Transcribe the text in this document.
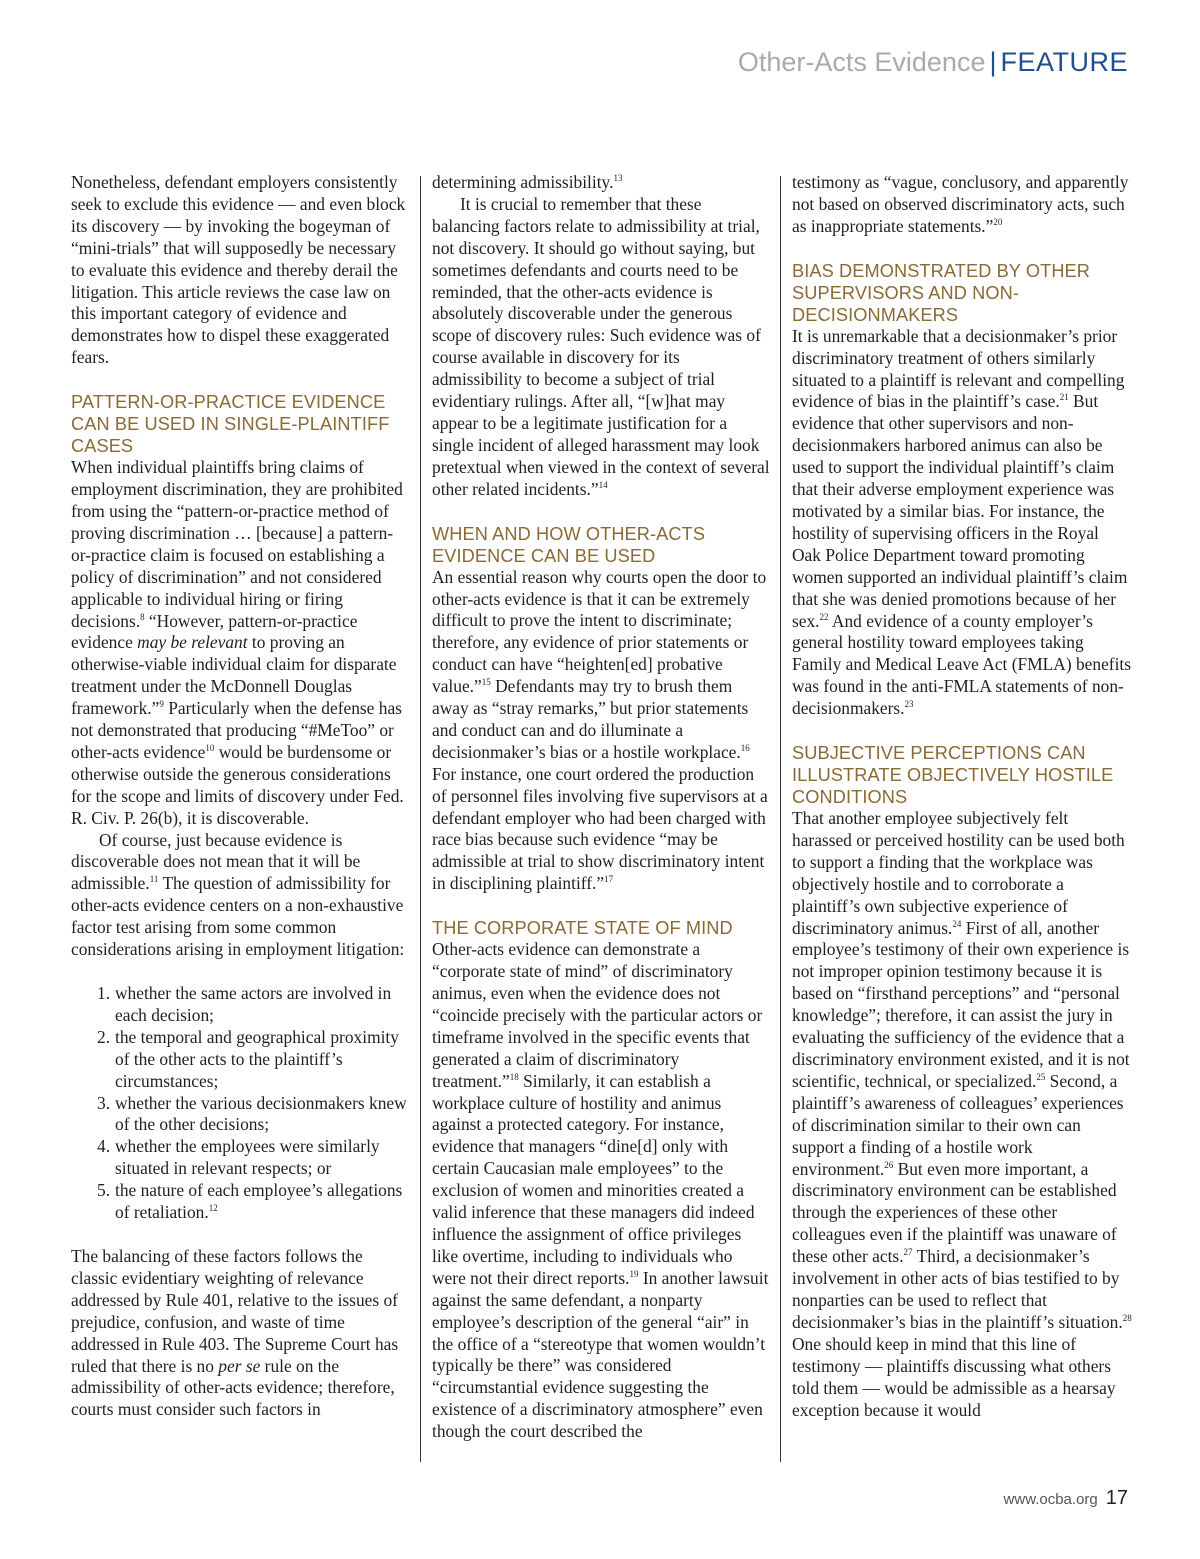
Other-Acts Evidence | FEATURE

Nonetheless, defendant employers consistently seek to exclude this evidence — and even block its discovery — by invoking the bogeyman of “mini-trials” that will supposedly be necessary to evaluate this evidence and thereby derail the litigation. This article reviews the case law on this important category of evidence and demonstrates how to dispel these exaggerated fears.

PATTERN-OR-PRACTICE EVIDENCE CAN BE USED IN SINGLE-PLAINTIFF CASES

When individual plaintiffs bring claims of employment discrimination, they are prohibited from using the “pattern-or-practice method of proving discrimination … [because] a pattern-or-practice claim is focused on establishing a policy of discrimination” and not considered applicable to individual hiring or firing decisions.$^8$ “However, pattern-or-practice evidence may be relevant to proving an otherwise-viable individual claim for disparate treatment under the McDonnell Douglas framework.”$^9$ Particularly when the defense has not demonstrated that producing “#MeToo” or other-acts evidence$^{10}$ would be burdensome or otherwise outside the generous considerations for the scope and limits of discovery under Fed. R. Civ. P. 26(b), it is discoverable.

Of course, just because evidence is discoverable does not mean that it will be admissible.$^{11}$ The question of admissibility for other-acts evidence centers on a non-exhaustive factor test arising from some common considerations arising in employment litigation:

1. whether the same actors are involved in each decision;
2. the temporal and geographical proximity of the other acts to the plaintiff’s circumstances;
3. whether the various decisionmakers knew of the other decisions;
4. whether the employees were similarly situated in relevant respects; or
5. the nature of each employee’s allegations of retaliation.$^{12}$

The balancing of these factors follows the classic evidentiary weighting of relevance addressed by Rule 401, relative to the issues of prejudice, confusion, and waste of time addressed in Rule 403. The Supreme Court has ruled that there is no per se rule on the admissibility of other-acts evidence; therefore, courts must consider such factors in

determining admissibility.$^{13}$

It is crucial to remember that these balancing factors relate to admissibility at trial, not discovery. It should go without saying, but sometimes defendants and courts need to be reminded, that the other-acts evidence is absolutely discoverable under the generous scope of discovery rules: Such evidence was of course available in discovery for its admissibility to become a subject of trial evidentiary rulings. After all, “[w]hat may appear to be a legitimate justification for a single incident of alleged harassment may look pretextual when viewed in the context of several other related incidents.”$^{14}$

WHEN AND HOW OTHER-ACTS EVIDENCE CAN BE USED

An essential reason why courts open the door to other-acts evidence is that it can be extremely difficult to prove the intent to discriminate; therefore, any evidence of prior statements or conduct can have “heighten[ed] probative value.”$^{15}$ Defendants may try to brush them away as “stray remarks,” but prior statements and conduct can and do illuminate a decisionmaker’s bias or a hostile workplace.$^{16}$ For instance, one court ordered the production of personnel files involving five supervisors at a defendant employer who had been charged with race bias because such evidence “may be admissible at trial to show discriminatory intent in disciplining plaintiff.”$^{17}$

THE CORPORATE STATE OF MIND

Other-acts evidence can demonstrate a “corporate state of mind” of discriminatory animus, even when the evidence does not “coincide precisely with the particular actors or timeframe involved in the specific events that generated a claim of discriminatory treatment.”$^{18}$ Similarly, it can establish a workplace culture of hostility and animus against a protected category. For instance, evidence that managers “dine[d] only with certain Caucasian male employees” to the exclusion of women and minorities created a valid inference that these managers did indeed influence the assignment of office privileges like overtime, including to individuals who were not their direct reports.$^{19}$ In another lawsuit against the same defendant, a nonparty employee’s description of the general “air” in the office of a “stereotype that women wouldn’t typically be there” was considered “circumstantial evidence suggesting the existence of a discriminatory atmosphere” even though the court described the

testimony as “vague, conclusory, and apparently not based on observed discriminatory acts, such as inappropriate statements.”$^{20}$

BIAS DEMONSTRATED BY OTHER SUPERVISORS AND NON-DECISIONMAKERS

It is unremarkable that a decisionmaker’s prior discriminatory treatment of others similarly situated to a plaintiff is relevant and compelling evidence of bias in the plaintiff’s case.$^{21}$ But evidence that other supervisors and non-decisionmakers harbored animus can also be used to support the individual plaintiff’s claim that their adverse employment experience was motivated by a similar bias. For instance, the hostility of supervising officers in the Royal Oak Police Department toward promoting women supported an individual plaintiff’s claim that she was denied promotions because of her sex.$^{22}$ And evidence of a county employer’s general hostility toward employees taking Family and Medical Leave Act (FMLA) benefits was found in the anti-FMLA statements of non-decisionmakers.$^{23}$

SUBJECTIVE PERCEPTIONS CAN ILLUSTRATE OBJECTIVELY HOSTILE CONDITIONS

That another employee subjectively felt harassed or perceived hostility can be used both to support a finding that the workplace was objectively hostile and to corroborate a plaintiff’s own subjective experience of discriminatory animus.$^{24}$ First of all, another employee’s testimony of their own experience is not improper opinion testimony because it is based on “firsthand perceptions” and “personal knowledge”; therefore, it can assist the jury in evaluating the sufficiency of the evidence that a discriminatory environment existed, and it is not scientific, technical, or specialized.$^{25}$ Second, a plaintiff’s awareness of colleagues’ experiences of discrimination similar to their own can support a finding of a hostile work environment.$^{26}$ But even more important, a discriminatory environment can be established through the experiences of these other colleagues even if the plaintiff was unaware of these other acts.$^{27}$ Third, a decisionmaker’s involvement in other acts of bias testified to by nonparties can be used to reflect that decisionmaker’s bias in the plaintiff’s situation.$^{28}$ One should keep in mind that this line of testimony — plaintiffs discussing what others told them — would be admissible as a hearsay exception because it would

www.ocba.org 17
